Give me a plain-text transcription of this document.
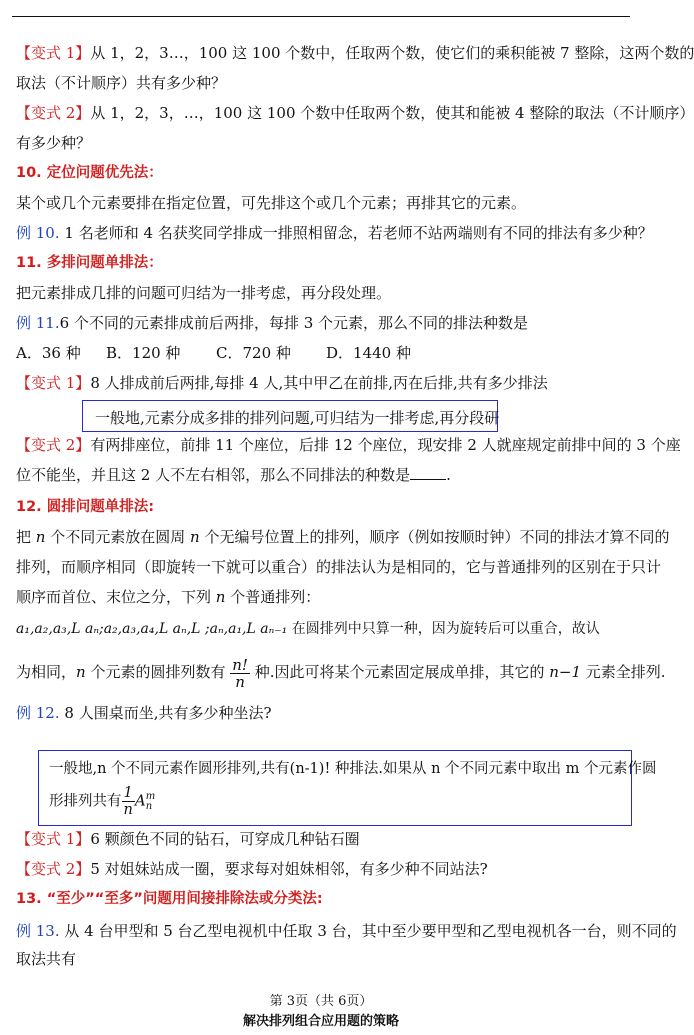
【变式 1】从 1，2，3…，100 这 100 个数中，任取两个数，使它们的乘积能被 7 整除，这两个数的
取法（不计顺序）共有多少种？
【变式 2】从 1，2，3，…，100 这 100 个数中任取两个数，使其和能被 4 整除的取法（不计顺序）
有多少种？
10. 定位问题优先法：
某个或几个元素要排在指定位置，可先排这个或几个元素；再排其它的元素。
例 10. 1 名老师和 4 名获奖同学排成一排照相留念，若老师不站两端则有不同的排法有多少种？
11. 多排问题单排法：
把元素排成几排的问题可归结为一排考虑，再分段处理。
例 11.6 个不同的元素排成前后两排，每排 3 个元素，那么不同的排法种数是
A．36 种 B．120 种 C．720 种 D．1440 种
【变式 1】8 人排成前后两排,每排 4 人,其中甲乙在前排,丙在后排,共有多少排法
一般地,元素分成多排的排列问题,可归结为一排考虑,再分段研
【变式 2】有两排座位，前排 11 个座位，后排 12 个座位，现安排 2 人就座规定前排中间的 3 个座
位不能坐，并且这 2 人不左右相邻，那么不同排法的种数是 .
12. 圆排问题单排法:
把 n 个不同元素放在圆周 n 个无编号位置上的排列，顺序（例如按顺时钟）不同的排法才算不同的
排列，而顺序相同（即旋转一下就可以重合）的排法认为是相同的，它与普通排列的区别在于只计
顺序而首位、末位之分，下列 n 个普通排列：
a₁,a₂,a₃,L aₙ;a₂,a₃,a₄,L aₙ,L ;aₙ,a₁,L aₙ₋₁ 在圆排列中只算一种，因为旋转后可以重合，故认
为相同，n 个元素的圆排列数有 $\frac{n!}{n}$ 种.因此可将某个元素固定展成单排，其它的 n−1 元素全排列.
例 12. 8 人围桌而坐,共有多少种坐法?
一般地,n 个不同元素作圆形排列,共有(n-1)! 种排法.如果从 n 个不同元素中取出 m 个元素作圆
形排列共有 $\frac{1}{n}$ A m
n
【变式 1】6 颗颜色不同的钻石，可穿成几种钻石圈
【变式 2】5 对姐妹站成一圈，要求每对姐妹相邻，有多少种不同站法?
13. “至少”“至多”问题用间接排除法或分类法:
例 13. 从 4 台甲型和 5 台乙型电视机中任取 3 台，其中至少要甲型和乙型电视机各一台，则不同的
取法共有
第 3页（共 6页）
解决排列组合应用题的策略
